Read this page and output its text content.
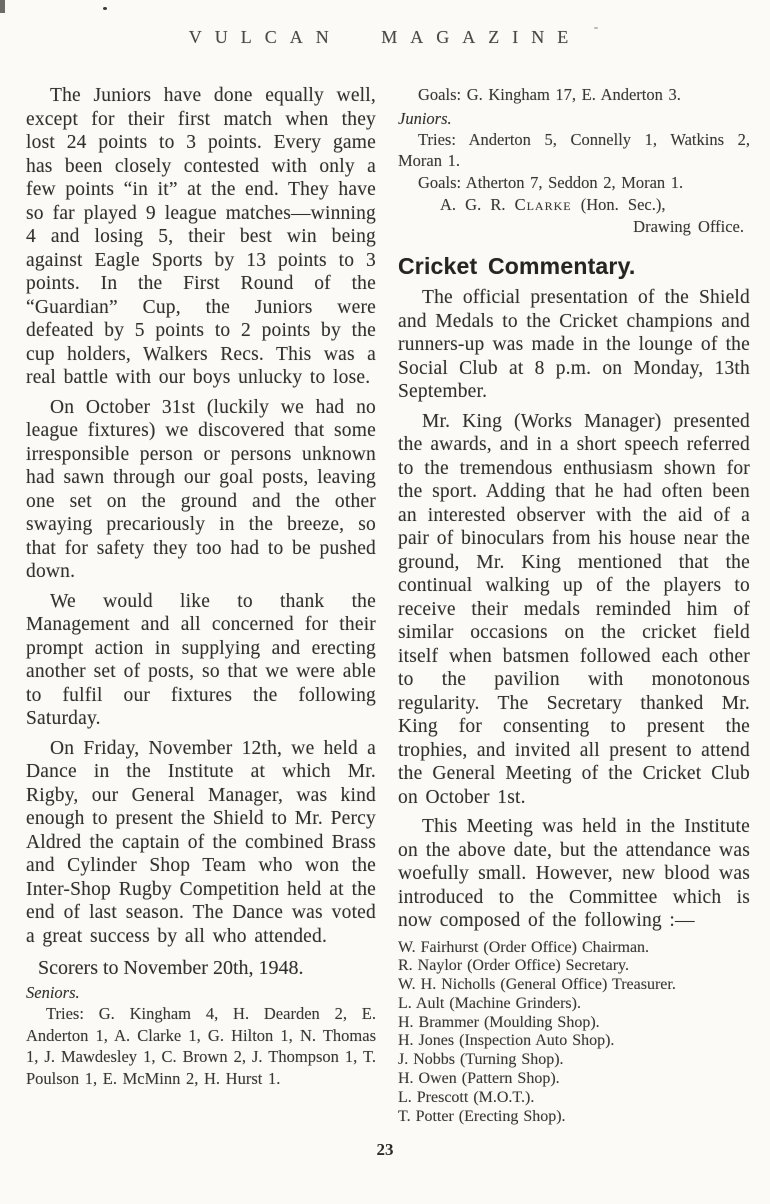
VULCAN MAGAZINE

The Juniors have done equally well, except for their first match when they lost 24 points to 3 points. Every game has been closely contested with only a few points “in it” at the end. They have so far played 9 league matches—winning 4 and losing 5, their best win being against Eagle Sports by 13 points to 3 points. In the First Round of the “Guardian” Cup, the Juniors were defeated by 5 points to 2 points by the cup holders, Walkers Recs. This was a real battle with our boys unlucky to lose.

On October 31st (luckily we had no league fixtures) we discovered that some irresponsible person or persons unknown had sawn through our goal posts, leaving one set on the ground and the other swaying precariously in the breeze, so that for safety they too had to be pushed down.

We would like to thank the Management and all concerned for their prompt action in supplying and erecting another set of posts, so that we were able to fulfil our fixtures the following Saturday.

On Friday, November 12th, we held a Dance in the Institute at which Mr. Rigby, our General Manager, was kind enough to present the Shield to Mr. Percy Aldred the captain of the combined Brass and Cylinder Shop Team who won the Inter-Shop Rugby Competition held at the end of last season. The Dance was voted a great success by all who attended.

Scorers to November 20th, 1948.

Seniors.

Tries: G. Kingham 4, H. Dearden 2, E. Anderton 1, A. Clarke 1, G. Hilton 1, N. Thomas 1, J. Mawdesley 1, C. Brown 2, J. Thompson 1, T. Poulson 1, E. McMinn 2, H. Hurst 1.

Goals: G. Kingham 17, E. Anderton 3.

Juniors.

Tries: Anderton 5, Connelly 1, Watkins 2, Moran 1.

Goals: Atherton 7, Seddon 2, Moran 1.

A. G. R. Clarke (Hon. Sec.),

Drawing Office.

Cricket Commentary.

The official presentation of the Shield and Medals to the Cricket champions and runners-up was made in the lounge of the Social Club at 8 p.m. on Monday, 13th September.

Mr. King (Works Manager) presented the awards, and in a short speech referred to the tremendous enthusiasm shown for the sport. Adding that he had often been an interested observer with the aid of a pair of binoculars from his house near the ground, Mr. King mentioned that the continual walking up of the players to receive their medals reminded him of similar occasions on the cricket field itself when batsmen followed each other to the pavilion with monotonous regularity. The Secretary thanked Mr. King for consenting to present the trophies, and invited all present to attend the General Meeting of the Cricket Club on October 1st.

This Meeting was held in the Institute on the above date, but the attendance was woefully small. However, new blood was introduced to the Committee which is now composed of the following :—

W. Fairhurst (Order Office) Chairman.

R. Naylor (Order Office) Secretary.

W. H. Nicholls (General Office) Treasurer.

L. Ault (Machine Grinders).

H. Brammer (Moulding Shop).

H. Jones (Inspection Auto Shop).

J. Nobbs (Turning Shop).

H. Owen (Pattern Shop).

L. Prescott (M.O.T.).

T. Potter (Erecting Shop).

23
